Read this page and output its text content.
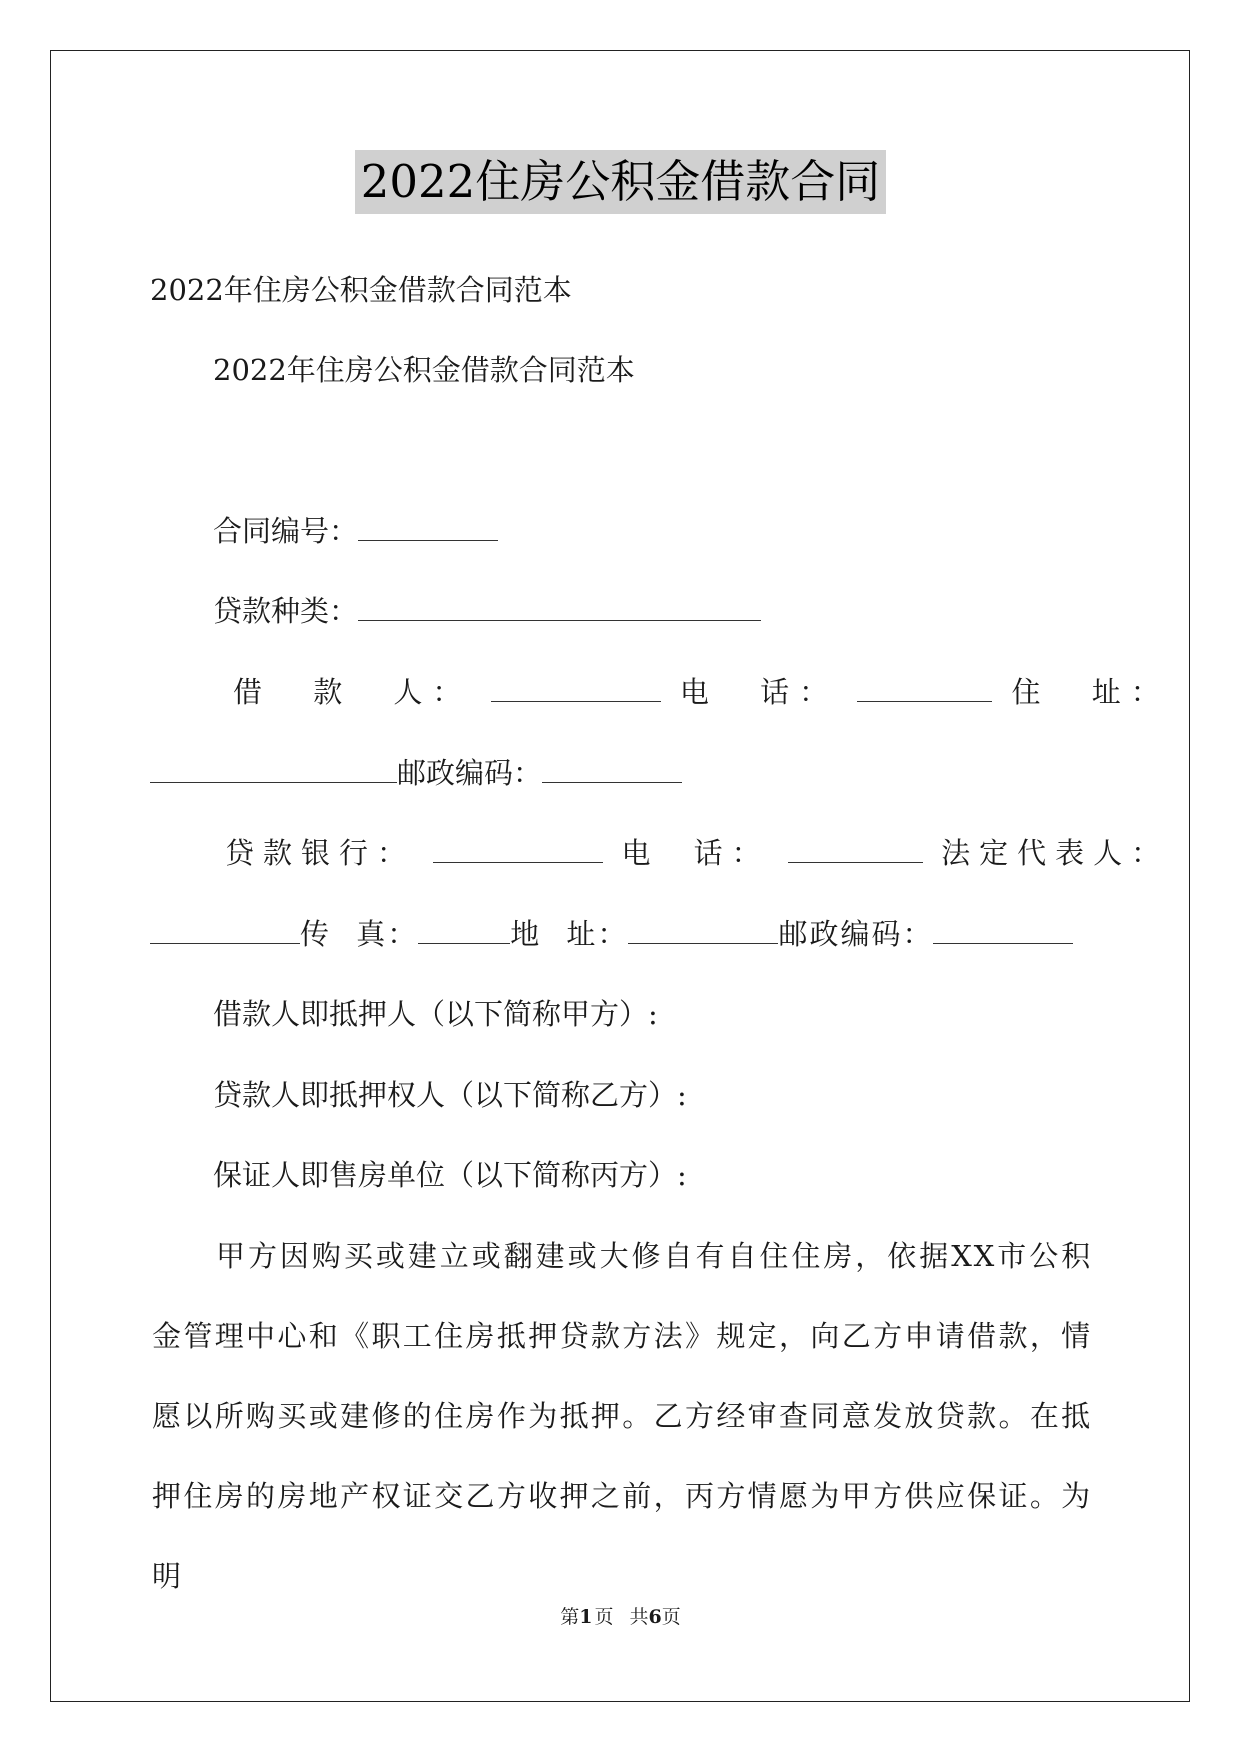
2022住房公积金借款合同
2022年住房公积金借款合同范本
2022年住房公积金借款合同范本
合同编号：
贷款种类：
借 款 人：	电 话：	住 址：
邮政编码：
贷款银行：	电 话：	法定代表人：
传 真：	地 址：	邮政编码：
借款人即抵押人（以下简称甲方）:
贷款人即抵押权人（以下简称乙方）:
保证人即售房单位（以下简称丙方）:
甲方因购买或建立或翻建或大修自有自住住房，依据XX市公积金管理中心和《职工住房抵押贷款方法》规定，向乙方申请借款，情愿以所购买或建修的住房作为抵押。乙方经审查同意发放贷款。在抵押住房的房地产权证交乙方收押之前，丙方情愿为甲方供应保证。为明
第1 页 共6页
